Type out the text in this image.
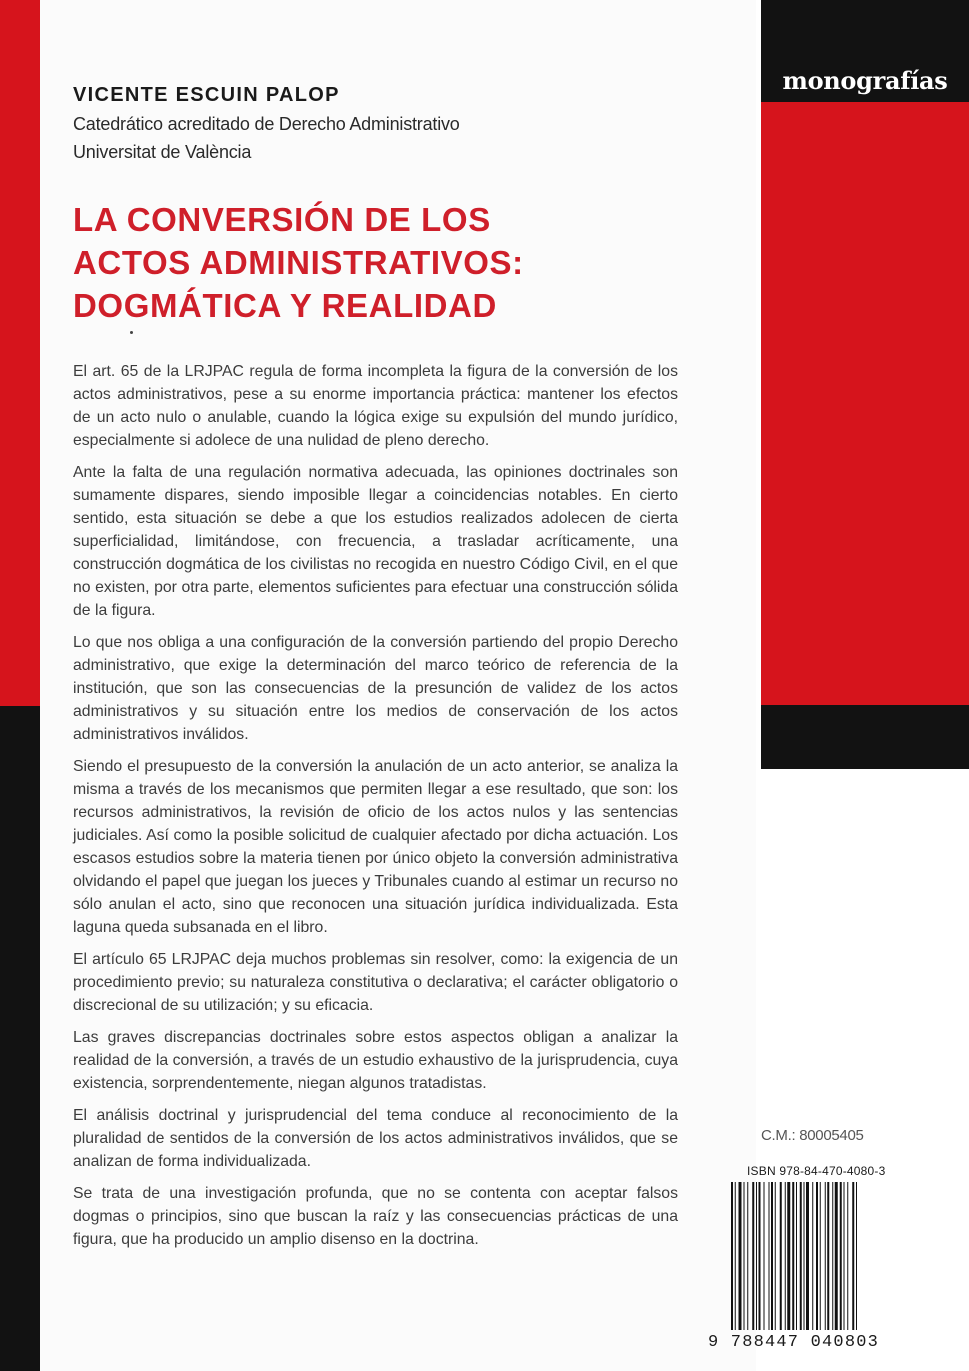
monografías
VICENTE ESCUIN PALOP

Catedrático acreditado de Derecho Administrativo

Universitat de València

LA CONVERSIÓN DE LOS
ACTOS ADMINISTRATIVOS:
DOGMÁTICA Y REALIDAD

El art. 65 de la LRJPAC regula de forma incompleta la figura de la conversión de los actos administrativos, pese a su enorme importancia práctica: mantener los efectos de un acto nulo o anulable, cuando la lógica exige su expulsión del mundo jurídico, especialmente si adolece de una nulidad de pleno derecho.

Ante la falta de una regulación normativa adecuada, las opiniones doctrinales son sumamente dispares, siendo imposible llegar a coincidencias notables. En cierto sentido, esta situación se debe a que los estudios realizados adolecen de cierta superficialidad, limitándose, con frecuencia, a trasladar acríticamente, una construcción dogmática de los civilistas no recogida en nuestro Código Civil, en el que no existen, por otra parte, elementos suficientes para efectuar una construcción sólida de la figura.

Lo que nos obliga a una configuración de la conversión partiendo del propio Derecho administrativo, que exige la determinación del marco teórico de referencia de la institución, que son las consecuencias de la presunción de validez de los actos administrativos y su situación entre los medios de conservación de los actos administrativos inválidos.

Siendo el presupuesto de la conversión la anulación de un acto anterior, se analiza la misma a través de los mecanismos que permiten llegar a ese resultado, que son: los recursos administrativos, la revisión de oficio de los actos nulos y las sentencias judiciales. Así como la posible solicitud de cualquier afectado por dicha actuación. Los escasos estudios sobre la materia tienen por único objeto la conversión administrativa olvidando el papel que juegan los jueces y Tribunales cuando al estimar un recurso no sólo anulan el acto, sino que reconocen una situación jurídica individualizada. Esta laguna queda subsanada en el libro.

El artículo 65 LRJPAC deja muchos problemas sin resolver, como: la exigencia de un procedimiento previo; su naturaleza constitutiva o declarativa; el carácter obligatorio o discrecional de su utilización; y su eficacia.

Las graves discrepancias doctrinales sobre estos aspectos obligan a analizar la realidad de la conversión, a través de un estudio exhaustivo de la jurisprudencia, cuya existencia, sorprendentemente, niegan algunos tratadistas.

El análisis doctrinal y jurisprudencial del tema conduce al reconocimiento de la pluralidad de sentidos de la conversión de los actos administrativos inválidos, que se analizan de forma individualizada.

Se trata de una investigación profunda, que no se contenta con aceptar falsos dogmas o principios, sino que buscan la raíz y las consecuencias prácticas de una figura, que ha producido un amplio disenso en la doctrina.

C.M.: 80005405
ISBN 978-84-470-4080-3
9 788447 040803
